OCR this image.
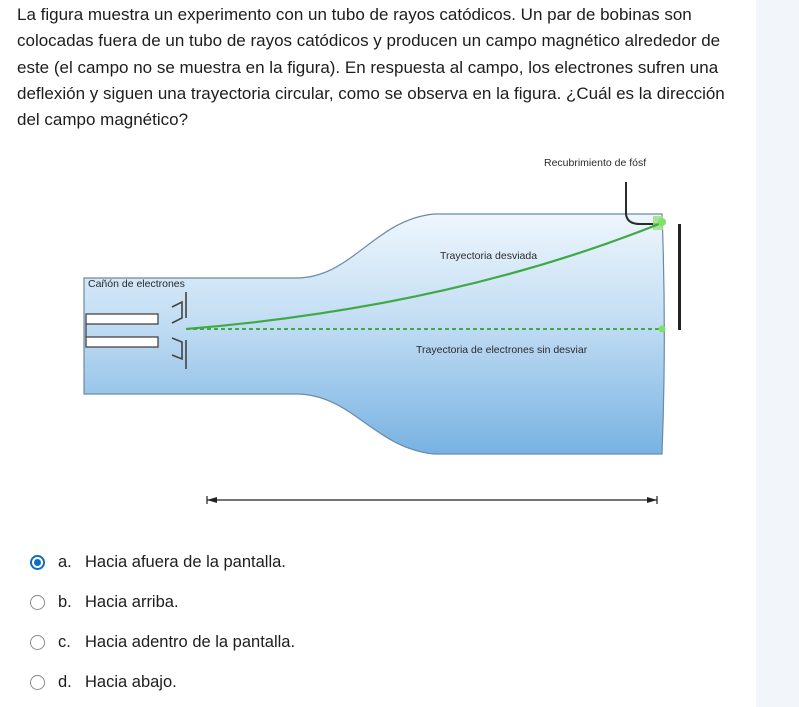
La figura muestra un experimento con un tubo de rayos catódicos. Un par de bobinas son colocadas fuera de un tubo de rayos catódicos y producen un campo magnético alrededor de este (el campo no se muestra en la figura). En respuesta al campo, los electrones sufren una deflexión y siguen una trayectoria circular, como se observa en la figura. ¿Cuál es la dirección del campo magnético?

Recubrimiento de fósf
Trayectoria desviada
Cañón de electrones
Trayectoria de electrones sin desviar
a. Hacia afuera de la pantalla.
b. Hacia arriba.
c. Hacia adentro de la pantalla.
d. Hacia abajo.
